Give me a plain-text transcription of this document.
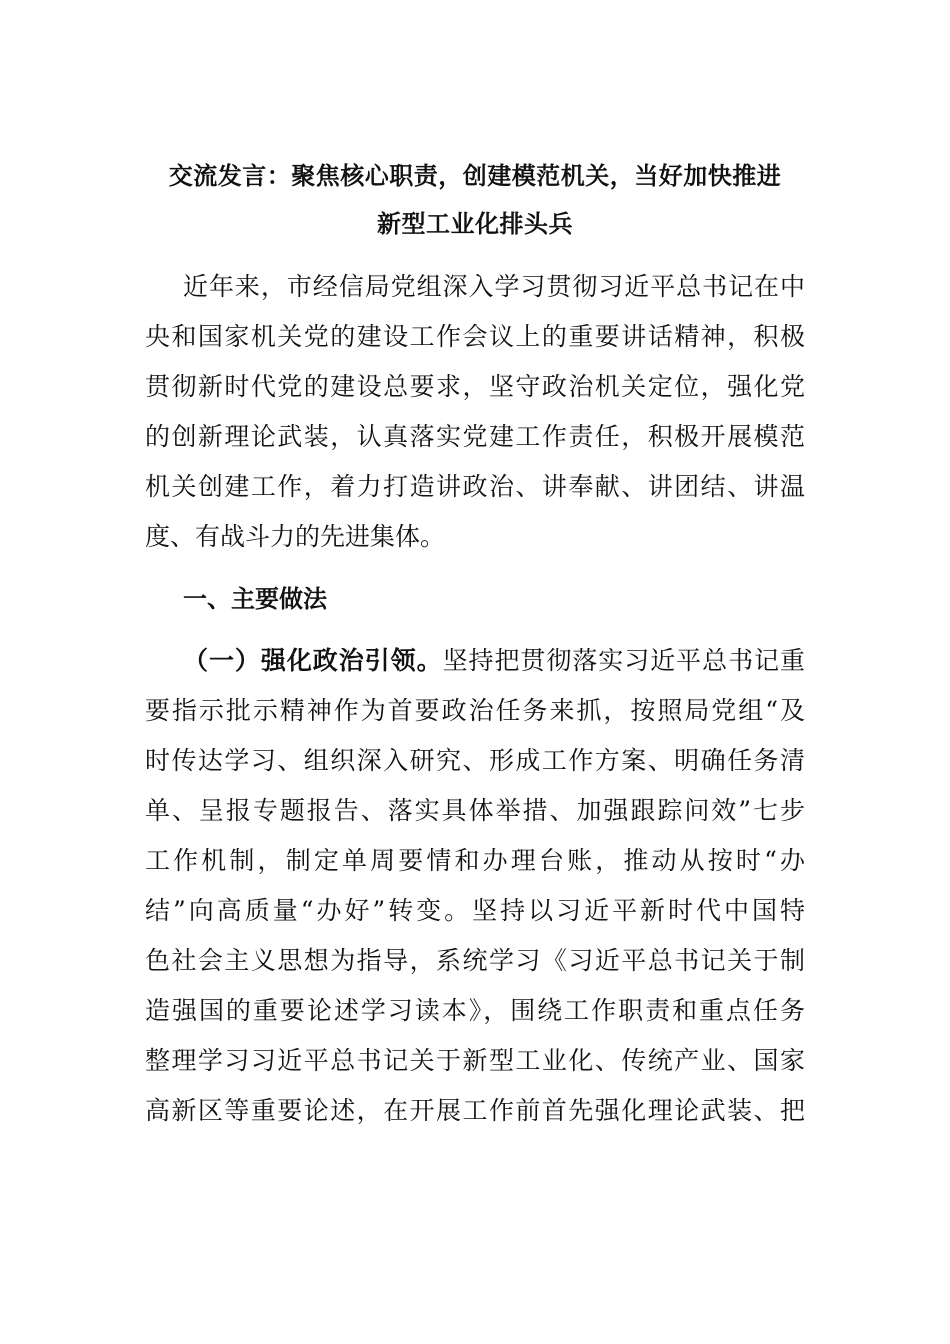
交流发言：聚焦核心职责，创建模范机关，当好加快推进
新型工业化排头兵
近年来，市经信局党组深入学习贯彻习近平总书记在中
央和国家机关党的建设工作会议上的重要讲话精神，积极
贯彻新时代党的建设总要求，坚守政治机关定位，强化党
的创新理论武装，认真落实党建工作责任，积极开展模范
机关创建工作，着力打造讲政治、讲奉献、讲团结、讲温
度、有战斗力的先进集体。
一、主要做法
（一）强化政治引领。坚持把贯彻落实习近平总书记重
要指示批示精神作为首要政治任务来抓，按照局党组“及
时传达学习、组织深入研究、形成工作方案、明确任务清
单、呈报专题报告、落实具体举措、加强跟踪问效”七步
工作机制，制定单周要情和办理台账，推动从按时“办
结”向高质量“办好”转变。坚持以习近平新时代中国特
色社会主义思想为指导，系统学习《习近平总书记关于制
造强国的重要论述学习读本》，围绕工作职责和重点任务
整理学习习近平总书记关于新型工业化、传统产业、国家
高新区等重要论述，在开展工作前首先强化理论武装、把
